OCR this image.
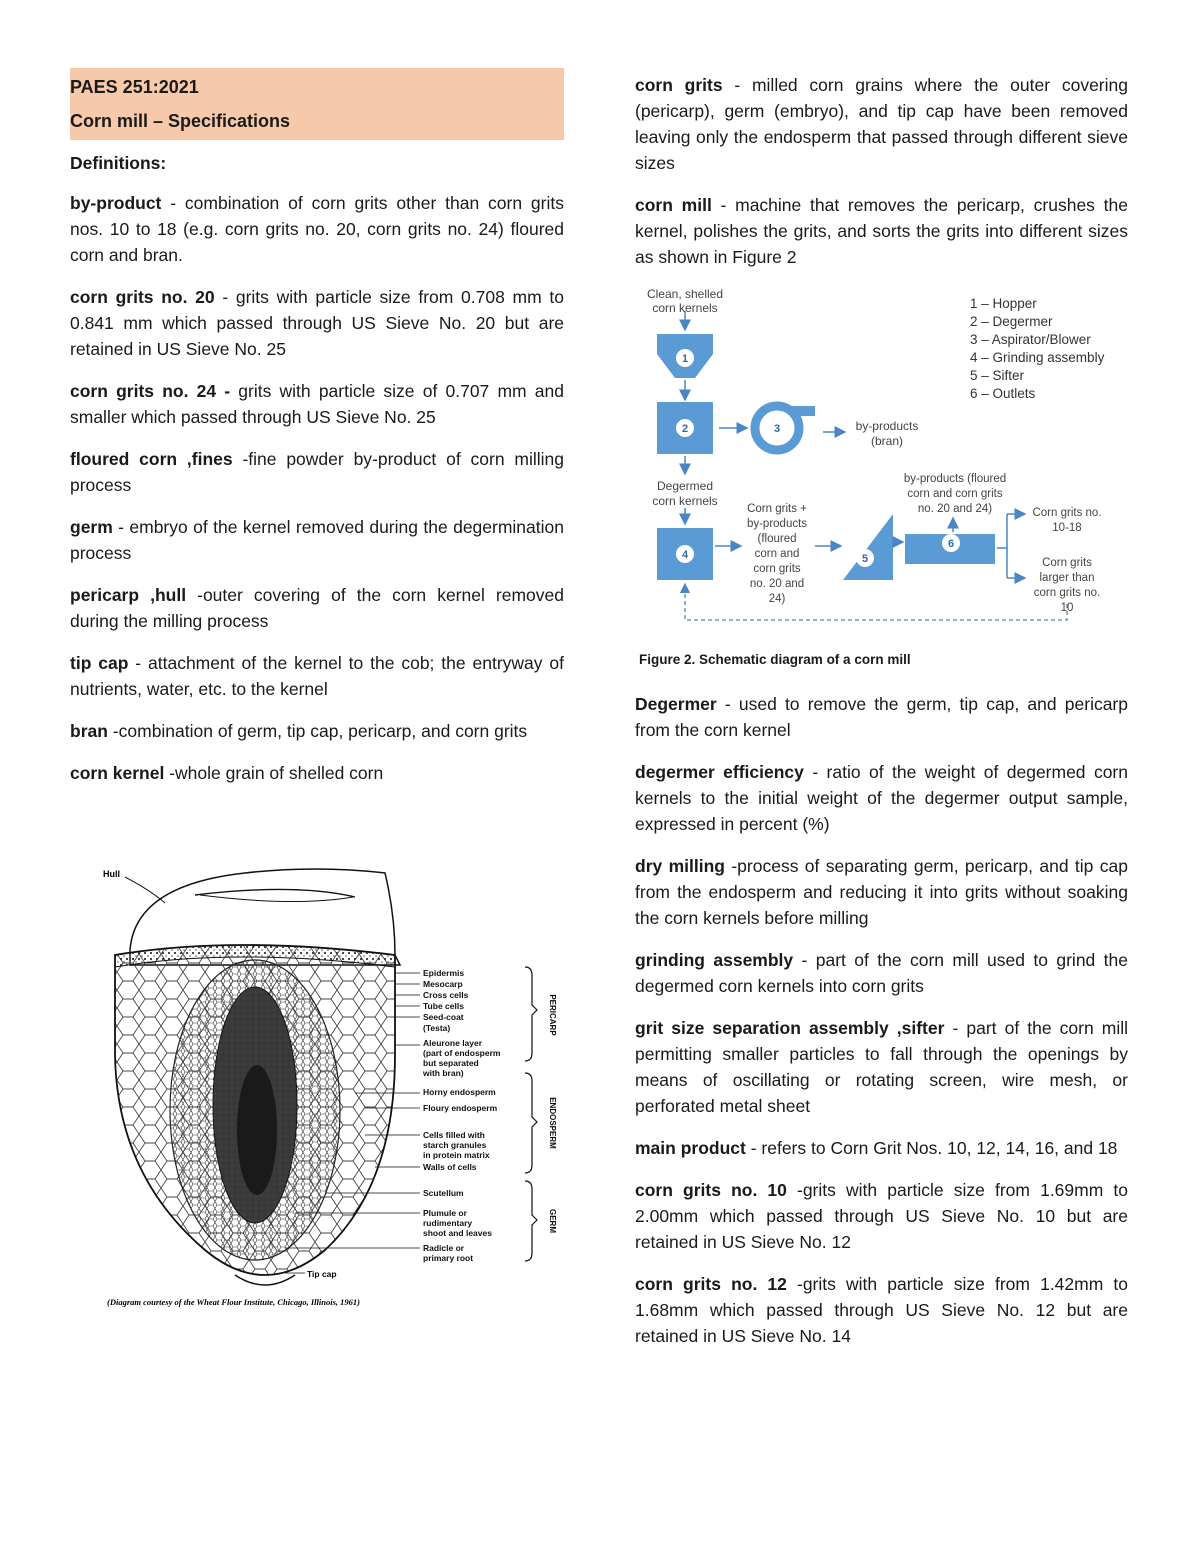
PAES 251:2021
Corn mill – Specifications
Definitions:

by-product - combination of corn grits other than corn grits nos. 10 to 18 (e.g. corn grits no. 20, corn grits no. 24) floured corn and bran.

corn grits no. 20 - grits with particle size from 0.708 mm to 0.841 mm which passed through US Sieve No. 20 but are retained in US Sieve No. 25

corn grits no. 24 - grits with particle size of 0.707 mm and smaller which passed through US Sieve No. 25

floured corn ,fines -fine powder by-product of corn milling process

germ - embryo of the kernel removed during the degermination process

pericarp ,hull -outer covering of the corn kernel removed during the milling process

tip cap - attachment of the kernel to the cob; the entryway of nutrients, water, etc. to the kernel

bran -combination of germ, tip cap, pericarp, and corn grits

corn kernel -whole grain of shelled corn

Hull
Epidermis
Mesocarp
Cross cells
Tube cells
Seed-coat
(Testa)
Aleurone layer
(part of endosperm
but separated
with bran)
Horny endosperm
Floury endosperm
Cells filled with
starch granules
in protein matrix
Walls of cells
Scutellum
Plumule or
rudimentary
shoot and leaves
Radicle or
primary root
PERICARP
ENDOSPERM
GERM
Tip cap
(Diagram courtesy of the Wheat Flour Institute, Chicago, Illinois, 1961)

corn grits - milled corn grains where the outer covering (pericarp), germ (embryo), and tip cap have been removed leaving only the endosperm that passed through different sieve sizes

corn mill - machine that removes the pericarp, crushes the kernel, polishes the grits, and sorts the grits into different sizes as shown in Figure 2

Clean, shelled
1
2	3
4	5
6
corn kernels	1 – Hopper
2 – Degermer
3 – Aspirator/Blower
4 – Grinding assembly
5 – Sifter
6 – Outlets
by-products
(bran)
Degermed
corn kernels
Corn grits +
by-products
(floured
corn and
corn grits
no. 20 and
24)
by-products (floured
corn and corn grits
no. 20 and 24)	Corn grits no.
10-18
Corn grits
larger than
corn grits no.
10
Figure 2. Schematic diagram of a corn mill

Degermer - used to remove the germ, tip cap, and pericarp from the corn kernel

degermer efficiency - ratio of the weight of degermed corn kernels to the initial weight of the degermer output sample, expressed in percent (%)

dry milling -process of separating germ, pericarp, and tip cap from the endosperm and reducing it into grits without soaking the corn kernels before milling

grinding assembly - part of the corn mill used to grind the degermed corn kernels into corn grits

grit size separation assembly ,sifter - part of the corn mill permitting smaller particles to fall through the openings by means of oscillating or rotating screen, wire mesh, or perforated metal sheet

main product - refers to Corn Grit Nos. 10, 12, 14, 16, and 18

corn grits no. 10 -grits with particle size from 1.69mm to 2.00mm which passed through US Sieve No. 10 but are retained in US Sieve No. 12

corn grits no. 12 -grits with particle size from 1.42mm to 1.68mm which passed through US Sieve No. 12 but are retained in US Sieve No. 14
